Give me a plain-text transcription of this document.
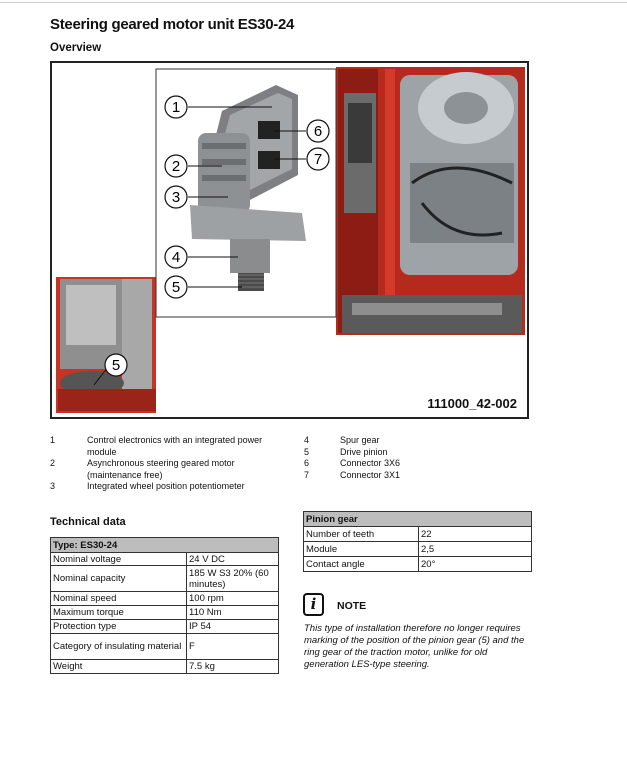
Steering geared motor unit ES30-24
Overview
1
2
3
4
5
6
7
5
111000_42-002
1	Control electronics with an integrated power module
2	Asynchronous steering geared motor (maintenance free)
3	Integrated wheel position potentiometer
4	Spur gear
5	Drive pinion
6	Connector 3X6
7	Connector 3X1
Technical data
Type: ES30-24	
Nominal voltage	24 V DC
Nominal capacity	185 W S3 20% (60 minutes)
Nominal speed	100 rpm
Maximum torque	110 Nm
Protection type	IP 54
Category of insulating material	F
Weight	7.5 kg
Pinion gear	
Number of teeth	22
Module	2,5
Contact angle	20°
i	NOTE
This type of installation therefore no longer requires marking of the position of the pinion gear (5) and the ring gear of the traction motor, unlike for old generation LES-type steering.
